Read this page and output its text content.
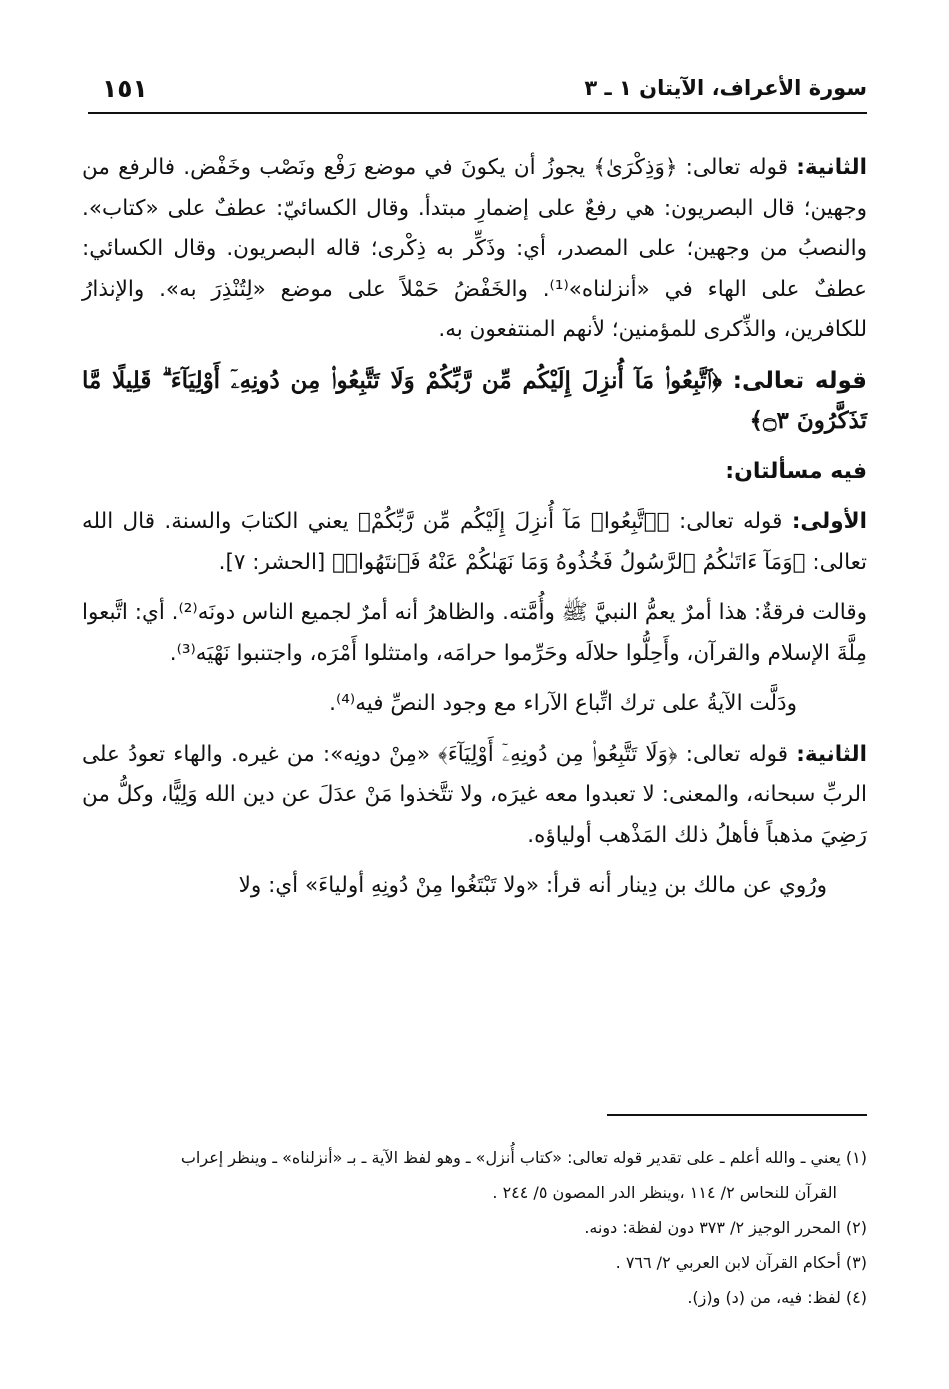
سورة الأعراف، الآيتان ١ ـ ٣
١٥١

الثانية: قوله تعالى: ﴿وَذِكْرَىٰ﴾ يجوزُ أن يكونَ في موضع رَفْع ونَصْب وخَفْض. فالرفع من وجهين؛ قال البصريون: هي رفعٌ على إضمارِ مبتدأ. وقال الكسائيّ: عطفٌ على «كتاب». والنصبُ من وجهين؛ على المصدر، أي: وذَكِّر به ذِكْرى؛ قاله البصريون. وقال الكسائي: عطفٌ على الهاء في «أنزلناه»⁽¹⁾. والخَفْضُ حَمْلاً على موضع «لِتُنْذِرَ به». والإنذارُ للكافرين، والذِّكرى للمؤمنين؛ لأنهم المنتفعون به.

قوله تعالى: ﴿ٱتَّبِعُوا۟ مَآ أُنزِلَ إِلَيْكُم مِّن رَّبِّكُمْ وَلَا تَتَّبِعُوا۟ مِن دُونِهِۦٓ أَوْلِيَآءَ ۗ قَلِيلًا مَّا تَذَكَّرُونَ ۝٣﴾

فيه مسألتان:

الأولى: قوله تعالى: ﴿ٱتَّبِعُوا۟ مَآ أُنزِلَ إِلَيْكُم مِّن رَّبِّكُمْ﴾ يعني الكتابَ والسنة. قال الله تعالى: ﴿وَمَآ ءَاتَىٰكُمُ ٱلرَّسُولُ فَخُذُوهُ وَمَا نَهَىٰكُمْ عَنْهُ فَٱنتَهُوا۟﴾ [الحشر: ٧].

وقالت فرقةٌ: هذا أمرٌ يعمُّ النبيَّ ﷺ وأُمَّته. والظاهرُ أنه أمرٌ لجميع الناس دونَه⁽²⁾. أي: اتَّبعوا مِلَّةَ الإسلام والقرآن، وأَحِلُّوا حلالَه وحَرِّموا حرامَه، وامتثلوا أَمْرَه، واجتنبوا نَهْيَه⁽³⁾.

ودَلَّت الآيةُ على ترك اتِّباع الآراء مع وجود النصِّ فيه⁽⁴⁾.

الثانية: قوله تعالى: ﴿وَلَا تَتَّبِعُوا۟ مِن دُونِهِۦٓ أَوْلِيَآءَ﴾ «مِنْ دونِه»: من غيره. والهاء تعودُ على الربِّ سبحانه، والمعنى: لا تعبدوا معه غيرَه، ولا تتَّخذوا مَنْ عدَلَ عن دين الله وَلِيًّا، وكلُّ من رَضِيَ مذهباً فأهلُ ذلك المَذْهب أولياؤه.

ورُوي عن مالك بن دِينار أنه قرأ: «ولا تَبْتَغُوا مِنْ دُونِهِ أولياءَ» أي: ولا

(١) يعني ـ والله أعلم ـ على تقدير قوله تعالى: «كتاب أُنزل» ـ وهو لفظ الآية ـ بـ «أنزلناه» ـ وينظر إعراب

القرآن للنحاس ٢/ ١١٤ ،وينظر الدر المصون ٥/ ٢٤٤ .

(٢) المحرر الوجيز ٢/ ٣٧٣ دون لفظة: دونه.

(٣) أحكام القرآن لابن العربي ٢/ ٧٦٦ .

(٤) لفظ: فيه، من (د) و(ز).
